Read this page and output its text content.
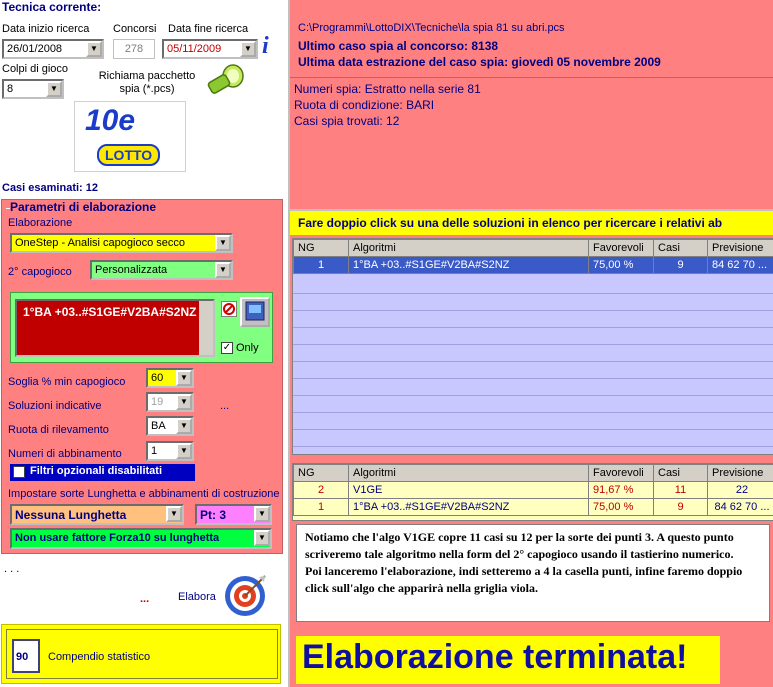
Tecnica corrente:
Data inizio ricerca
26/01/2008	▼
Concorsi
278
Data fine ricerca
05/11/2009	▼ i
Colpi di gioco
8	▼
Richiama pacchetto spia (*.pcs)
10e
LOTTO
Casi esaminati: 12
Parametri di elaborazione
Elaborazione
OneStep - Analisi capogioco secco	▼
2° capogioco	Personalizzata	▼
1°BA +03..#S1GE#V2BA#S2NZ
✓ Only
Soglia % min capogioco	60	▼
Soluzioni indicative	19	▼	...
Ruota di rilevamento	BA	▼
Numeri di abbinamento	1	▼
Filtri opzionali disabilitati
Impostare sorte Lunghetta e abbinamenti di costruzione
Nessuna Lunghetta	▼	Pt: 3	▼
Non usare fattore Forza10 su lunghetta	▼
. . .
...	Elabora
90 Compendio statistico
C:\Programmi\LottoDIX\Tecniche\la spia 81 su abri.pcs
Ultimo caso spia al concorso: 8138
Ultima data estrazione del caso spia: giovedì 05 novembre 2009
Numeri spia: Estratto nella serie 81
Ruota di condizione: BARI
Casi spia trovati: 12
Fare doppio click su una delle soluzioni in elenco per ricercare i relativi ab
NG	Algoritmi	Favorevoli	Casi	Previsione
1	1°BA +03..#S1GE#V2BA#S2NZ	75,00 %	9	84 62 70 ...
NG	Algoritmi	Favorevoli	Casi	Previsione
2	V1GE	91,67 %	11	22
1	1°BA +03..#S1GE#V2BA#S2NZ	75,00 %	9	84 62 70 ...
Notiamo che l'algo V1GE copre 11 casi su 12 per la sorte dei punti 3. A questo punto scriveremo tale algoritmo nella form del 2° capogioco usando il tastierino numerico.
Poi lanceremo l'elaborazione, indi setteremo a 4 la casella punti, infine faremo doppio click sull'algo che apparirà nella griglia viola.
Elaborazione terminata!
